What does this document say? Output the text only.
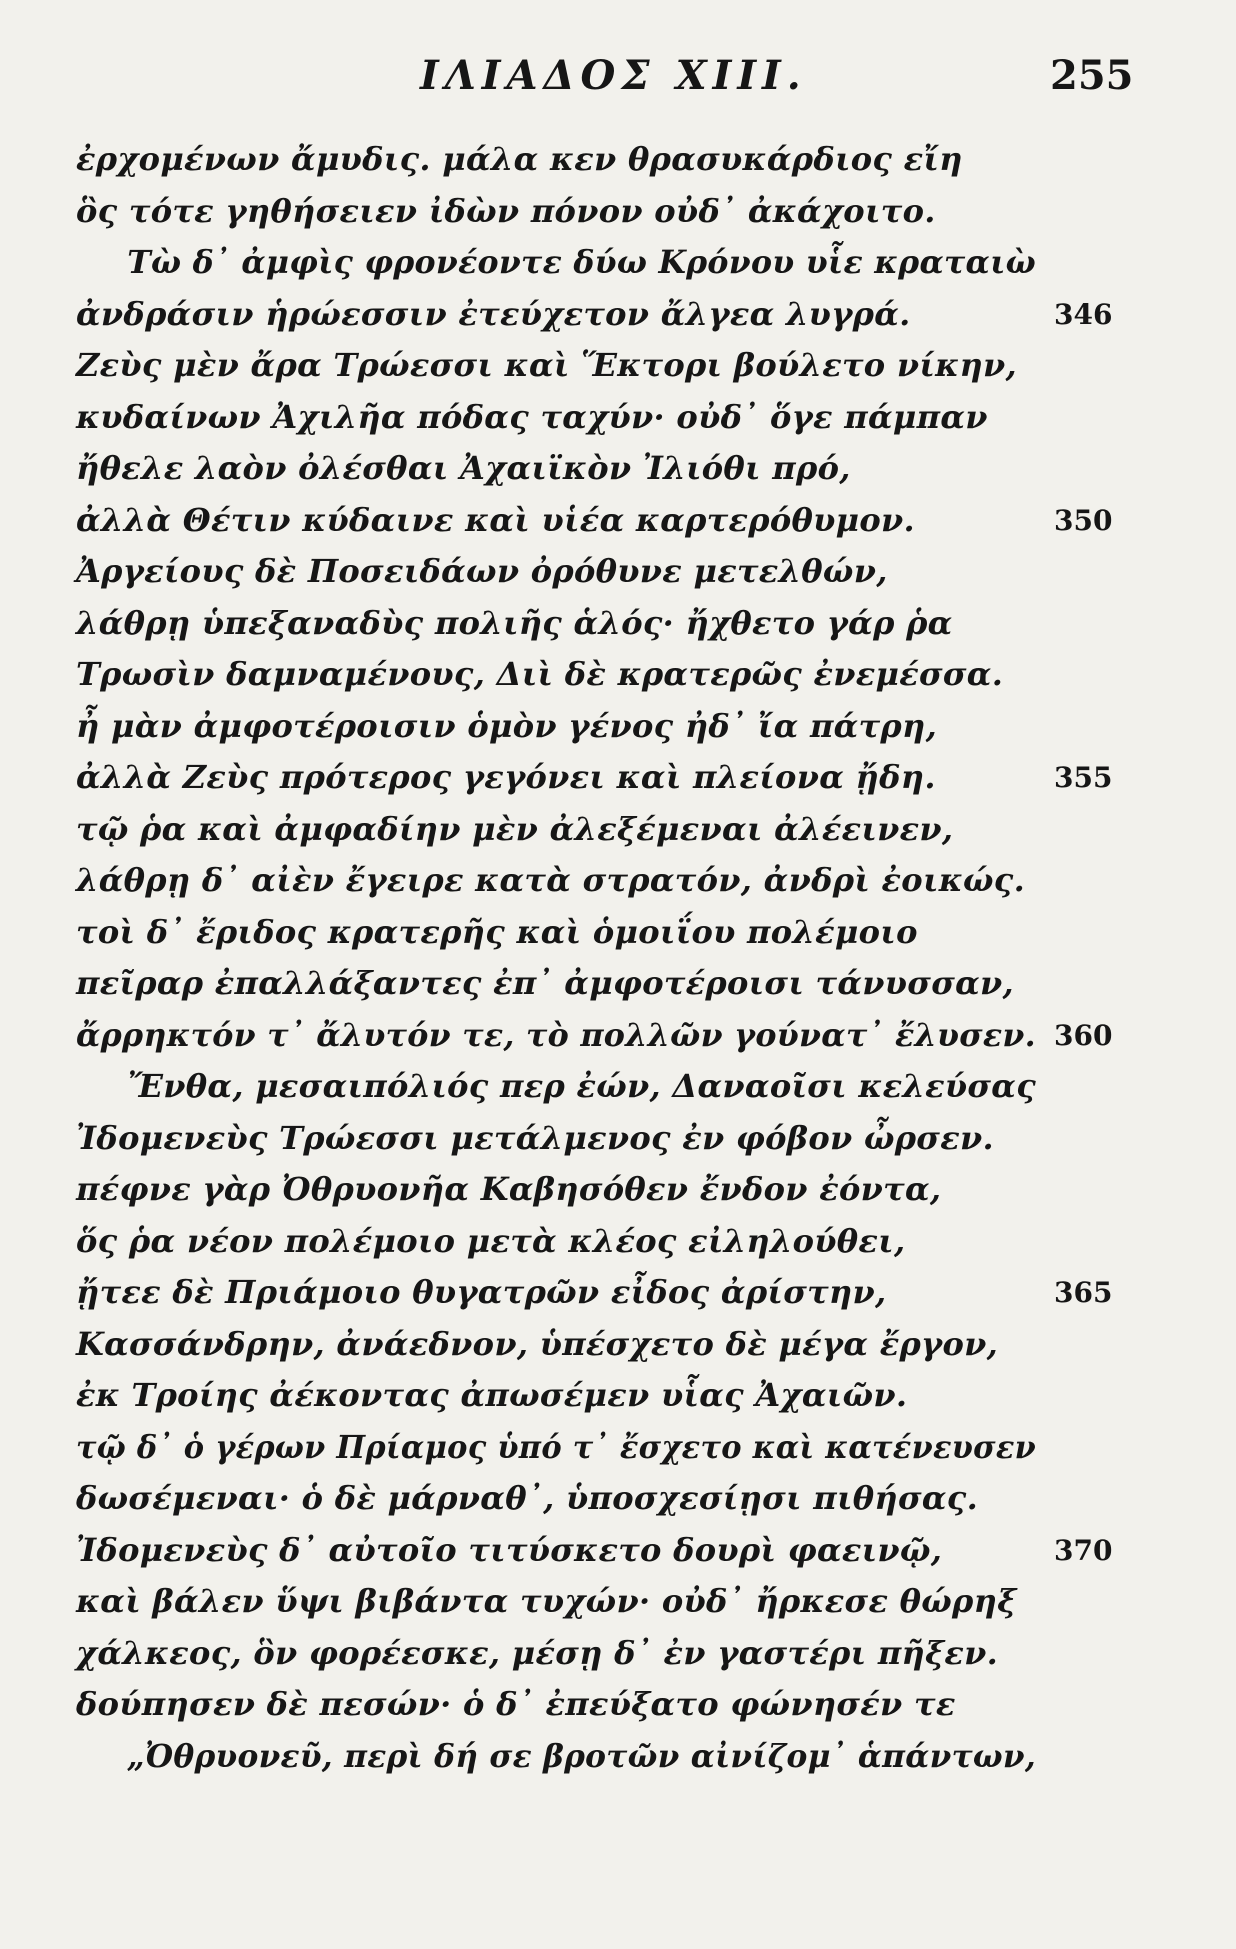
ΙΛΙΑΔΟΣ XIII.	255
ἐρχομένων ἄμυδις. μάλα κεν θρασυκάρδιος εἴη
ὃς τότε γηθήσειεν ἰδὼν πόνον οὐδ᾽ ἀκάχοιτο.
Τὼ δ᾽ ἀμφὶς φρονέοντε δύω Κρόνου υἷε κραταιὼ
ἀνδράσιν ἡρώεσσιν ἐτεύχετον ἄλγεα λυγρά.	346
Ζεὺς μὲν ἄρα Τρώεσσι καὶ Ἕκτορι βούλετο νίκην,
κυδαίνων Ἀχιλῆα πόδας ταχύν· οὐδ᾽ ὅγε πάμπαν
ἤθελε λαὸν ὀλέσθαι Ἀχαιϊκὸν Ἰλιόθι πρό,
ἀλλὰ Θέτιν κύδαινε καὶ υἱέα καρτερόθυμον.	350
Ἀργείους δὲ Ποσειδάων ὀρόθυνε μετελθών,
λάθρῃ ὑπεξαναδὺς πολιῆς ἁλός· ἤχθετο γάρ ῥα
Τρωσὶν δαμναμένους, Διὶ δὲ κρατερῶς ἐνεμέσσα.
ἦ μὰν ἀμφοτέροισιν ὁμὸν γένος ἠδ᾽ ἴα πάτρη,
ἀλλὰ Ζεὺς πρότερος γεγόνει καὶ πλείονα ᾔδη.	355
τῷ ῥα καὶ ἀμφαδίην μὲν ἀλεξέμεναι ἀλέεινεν,
λάθρῃ δ᾽ αἰὲν ἔγειρε κατὰ στρατόν, ἀνδρὶ ἐοικώς.
τοὶ δ᾽ ἔριδος κρατερῆς καὶ ὁμοιΐου πολέμοιο
πεῖραρ ἐπαλλάξαντες ἐπ᾽ ἀμφοτέροισι τάνυσσαν,
ἄρρηκτόν τ᾽ ἄλυτόν τε, τὸ πολλῶν γούνατ᾽ ἔλυσεν. 360
Ἔνθα, μεσαιπόλιός περ ἐών, Δαναοῖσι κελεύσας
Ἰδομενεὺς Τρώεσσι μετάλμενος ἐν φόβον ὦρσεν.
πέφνε γὰρ Ὀθρυονῆα Καβησόθεν ἔνδον ἐόντα,
ὅς ῥα νέον πολέμοιο μετὰ κλέος εἰληλούθει,
ᾔτεε δὲ Πριάμοιο θυγατρῶν εἶδος ἀρίστην,	365
Κασσάνδρην, ἀνάεδνον, ὑπέσχετο δὲ μέγα ἔργον,
ἐκ Τροίης ἀέκοντας ἀπωσέμεν υἷας Ἀχαιῶν.
τῷ δ᾽ ὁ γέρων Πρίαμος ὑπό τ᾽ ἔσχετο καὶ κατένευσεν
δωσέμεναι· ὁ δὲ μάρναθ᾽, ὑποσχεσίῃσι πιθήσας.
Ἰδομενεὺς δ᾽ αὐτοῖο τιτύσκετο δουρὶ φαεινῷ,	370
καὶ βάλεν ὕψι βιβάντα τυχών· οὐδ᾽ ἤρκεσε θώρηξ
χάλκεος, ὃν φορέεσκε, μέσῃ δ᾽ ἐν γαστέρι πῆξεν.
δούπησεν δὲ πεσών· ὁ δ᾽ ἐπεύξατο φώνησέν τε
„Ὀθρυονεῦ, περὶ δή σε βροτῶν αἰνίζομ᾽ ἁπάντων,
